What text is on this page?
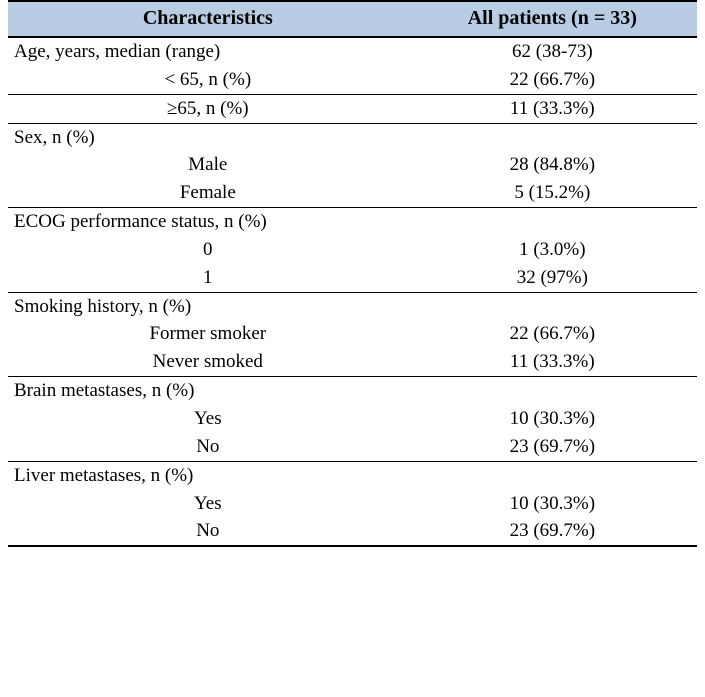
Characteristics	All patients (n = 33)
Age, years, median (range)	62 (38-73)
< 65, n (%)	22 (66.7%)
≥65, n (%)	11 (33.3%)
Sex, n (%)	
Male	28 (84.8%)
Female	5 (15.2%)
ECOG performance status, n (%)	
0	1 (3.0%)
1	32 (97%)
Smoking history, n (%)	
Former smoker	22 (66.7%)
Never smoked	11 (33.3%)
Brain metastases, n (%)	
Yes	10 (30.3%)
No	23 (69.7%)
Liver metastases, n (%)	
Yes	10 (30.3%)
No	23 (69.7%)
